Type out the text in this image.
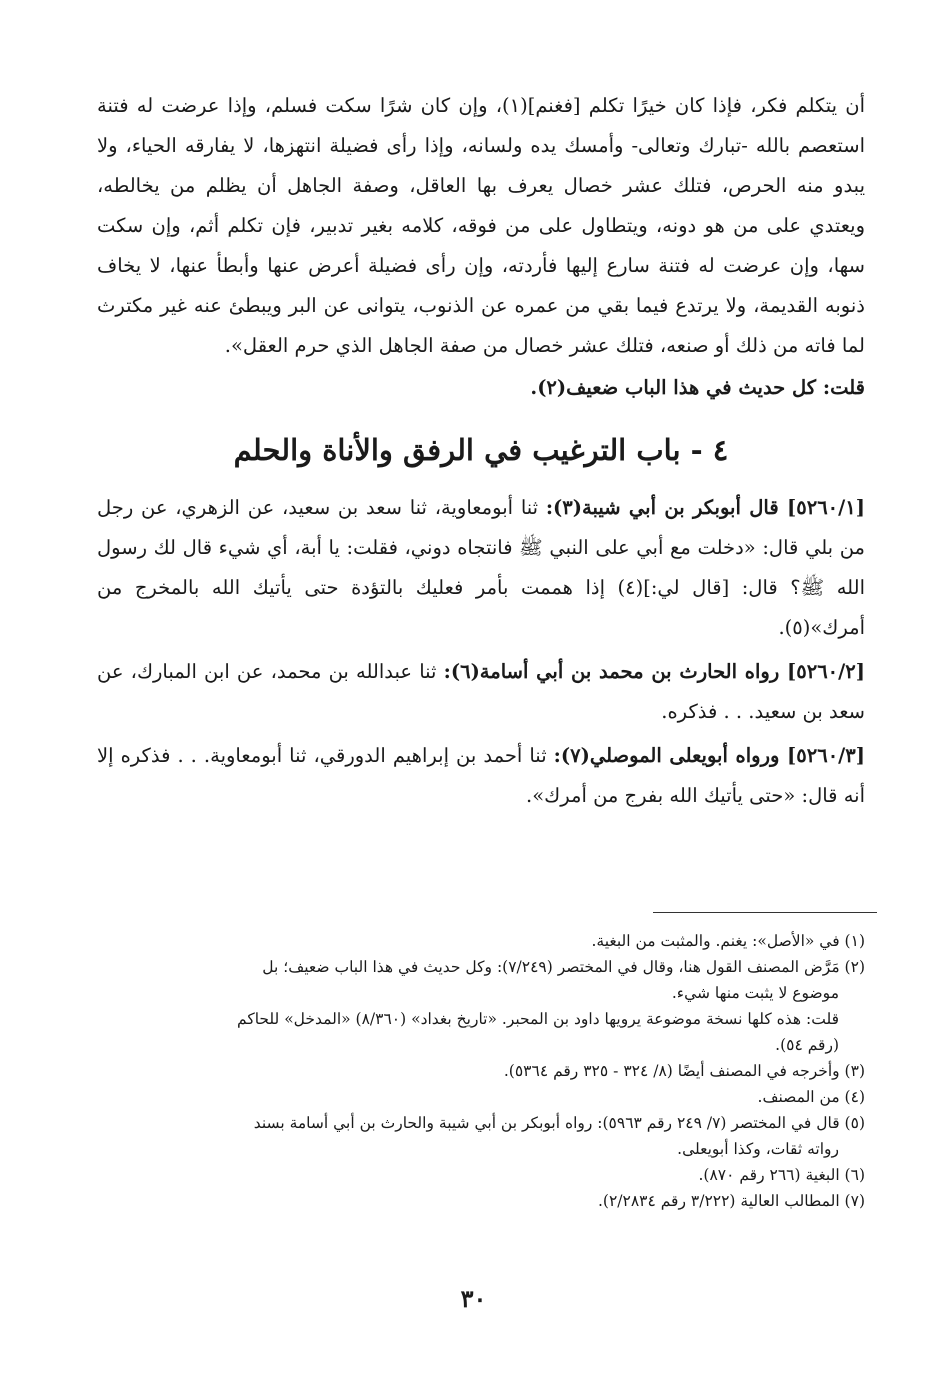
أن يتكلم فكر، فإذا كان خيرًا تكلم [فغنم](١)، وإن كان شرًا سكت فسلم، وإذا عرضت له فتنة استعصم بالله -تبارك وتعالى- وأمسك يده ولسانه، وإذا رأى فضيلة انتهزها، لا يفارقه الحياء، ولا يبدو منه الحرص، فتلك عشر خصال يعرف بها العاقل، وصفة الجاهل أن يظلم من يخالطه، ويعتدي على من هو دونه، ويتطاول على من فوقه، كلامه بغير تدبير، فإن تكلم أثم، وإن سكت سها، وإن عرضت له فتنة سارع إليها فأردته، وإن رأى فضيلة أعرض عنها وأبطأ عنها، لا يخاف ذنوبه القديمة، ولا يرتدع فيما بقي من عمره عن الذنوب، يتوانى عن البر ويبطئ عنه غير مكترث لما فاته من ذلك أو صنعه، فتلك عشر خصال من صفة الجاهل الذي حرم العقل».

قلت: كل حديث في هذا الباب ضعيف(٢).

٤ - باب الترغيب في الرفق والأناة والحلم

[٥٢٦٠/١] قال أبوبكر بن أبي شيبة(٣): ثنا أبومعاوية، ثنا سعد بن سعيد، عن الزهري، عن رجل من بلي قال: «دخلت مع أبي على النبي ﷺ فانتجاه دوني، فقلت: يا أبة، أي شيء قال لك رسول الله ﷺ؟ قال: [قال لي:](٤) إذا هممت بأمر فعليك بالتؤدة حتى يأتيك الله بالمخرج من أمرك»(٥).

[٥٢٦٠/٢] رواه الحارث بن محمد بن أبي أسامة(٦): ثنا عبدالله بن محمد، عن ابن المبارك، عن سعد بن سعيد. . . فذكره.

[٥٢٦٠/٣] ورواه أبويعلى الموصلي(٧): ثنا أحمد بن إبراهيم الدورقي، ثنا أبومعاوية. . . فذكره إلا أنه قال: «حتى يأتيك الله بفرج من أمرك».

(١) في «الأصل»: يغنم. والمثبت من البغية.

(٢) مَرَّض المصنف القول هنا، وقال في المختصر (٧/٢٤٩): وكل حديث في هذا الباب ضعيف؛ بل
موضوع لا يثبت منها شيء.

قلت: هذه كلها نسخة موضوعة يرويها داود بن المحبر. «تاريخ بغداد» (٨/٣٦٠) «المدخل» للحاكم
(رقم ٥٤).

(٣) وأخرجه في المصنف أيضًا (٨/ ٣٢٤ - ٣٢٥ رقم ٥٣٦٤).

(٤) من المصنف.

(٥) قال في المختصر (٧/ ٢٤٩ رقم ٥٩٦٣): رواه أبوبكر بن أبي شيبة والحارث بن أبي أسامة بسند
رواته ثقات، وكذا أبويعلى.

(٦) البغية (٢٦٦ رقم ٨٧٠).

(٧) المطالب العالية (٣/٢٢٢ رقم ٢/٢٨٣٤).

٣٠
